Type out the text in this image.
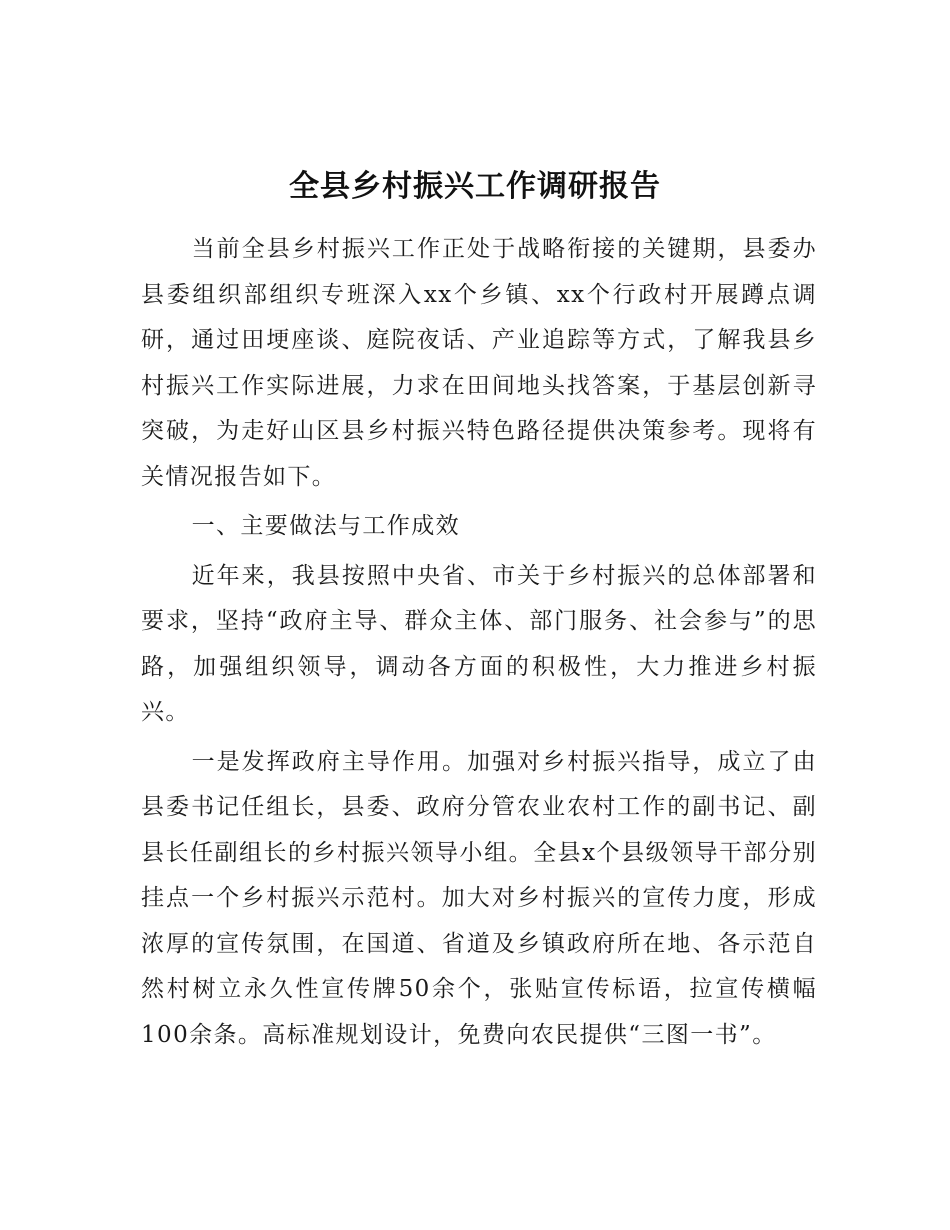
全县乡村振兴工作调研报告

当前全县乡村振兴工作正处于战略衔接的关键期，县委办县委组织部组织专班深入xx个乡镇、xx个行政村开展蹲点调研，通过田埂座谈、庭院夜话、产业追踪等方式，了解我县乡村振兴工作实际进展，力求在田间地头找答案，于基层创新寻突破，为走好山区县乡村振兴特色路径提供决策参考。现将有关情况报告如下。

一、主要做法与工作成效

近年来，我县按照中央省、市关于乡村振兴的总体部署和要求，坚持“政府主导、群众主体、部门服务、社会参与”的思路，加强组织领导，调动各方面的积极性，大力推进乡村振兴。

一是发挥政府主导作用。加强对乡村振兴指导，成立了由县委书记任组长，县委、政府分管农业农村工作的副书记、副县长任副组长的乡村振兴领导小组。全县x个县级领导干部分别挂点一个乡村振兴示范村。加大对乡村振兴的宣传力度，形成浓厚的宣传氛围，在国道、省道及乡镇政府所在地、各示范自然村树立永久性宣传牌50余个，张贴宣传标语，拉宣传横幅100余条。高标准规划设计，免费向农民提供“三图一书”。
